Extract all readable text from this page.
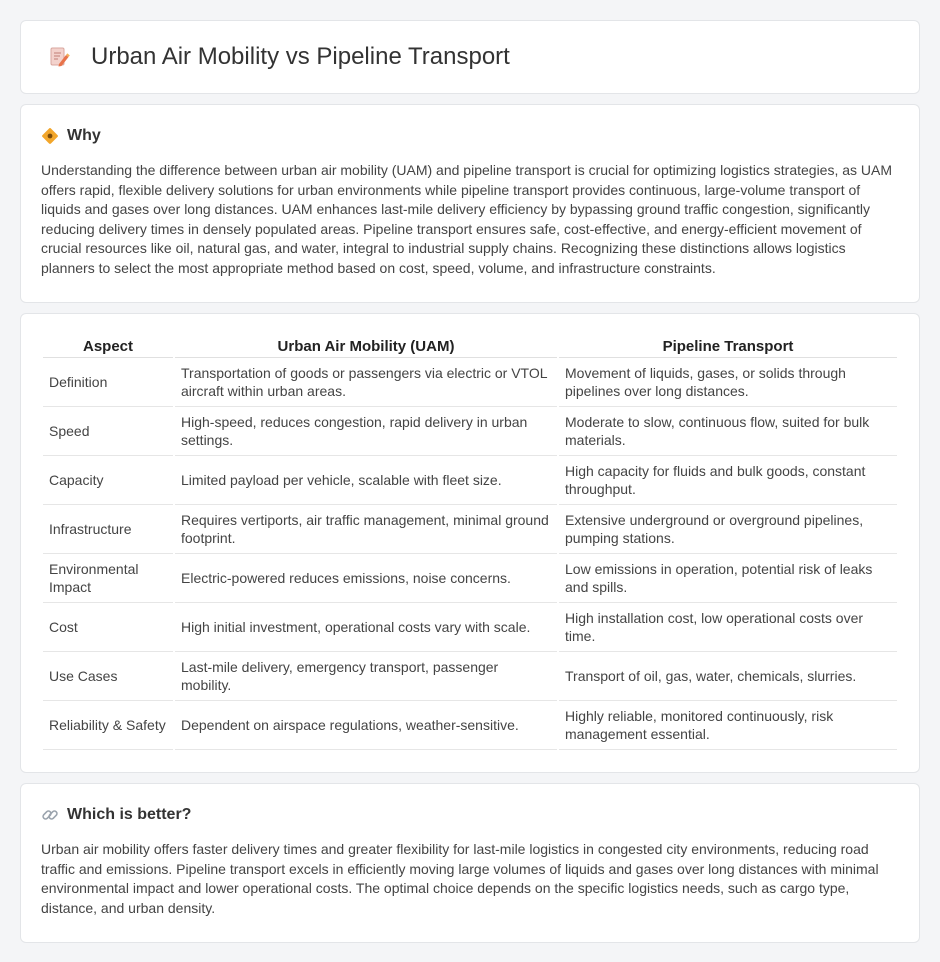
Urban Air Mobility vs Pipeline Transport
Why

Understanding the difference between urban air mobility (UAM) and pipeline transport is crucial for optimizing logistics strategies, as UAM offers rapid, flexible delivery solutions for urban environments while pipeline transport provides continuous, large-volume transport of liquids and gases over long distances. UAM enhances last-mile delivery efficiency by bypassing ground traffic congestion, significantly reducing delivery times in densely populated areas. Pipeline transport ensures safe, cost-effective, and energy-efficient movement of crucial resources like oil, natural gas, and water, integral to industrial supply chains. Recognizing these distinctions allows logistics planners to select the most appropriate method based on cost, speed, volume, and infrastructure constraints.

Aspect	Urban Air Mobility (UAM)	Pipeline Transport
Definition	Transportation of goods or passengers via electric or VTOL aircraft within urban areas.	Movement of liquids, gases, or solids through pipelines over long distances.
Speed	High-speed, reduces congestion, rapid delivery in urban settings.	Moderate to slow, continuous flow, suited for bulk materials.
Capacity	Limited payload per vehicle, scalable with fleet size.	High capacity for fluids and bulk goods, constant throughput.
Infrastructure	Requires vertiports, air traffic management, minimal ground footprint.	Extensive underground or overground pipelines, pumping stations.
Environmental Impact	Electric-powered reduces emissions, noise concerns.	Low emissions in operation, potential risk of leaks and spills.
Cost	High initial investment, operational costs vary with scale.	High installation cost, low operational costs over time.
Use Cases	Last-mile delivery, emergency transport, passenger mobility.	Transport of oil, gas, water, chemicals, slurries.
Reliability & Safety	Dependent on airspace regulations, weather-sensitive.	Highly reliable, monitored continuously, risk management essential.
Which is better?

Urban air mobility offers faster delivery times and greater flexibility for last-mile logistics in congested city environments, reducing road traffic and emissions. Pipeline transport excels in efficiently moving large volumes of liquids and gases over long distances with minimal environmental impact and lower operational costs. The optimal choice depends on the specific logistics needs, such as cargo type, distance, and urban density.
